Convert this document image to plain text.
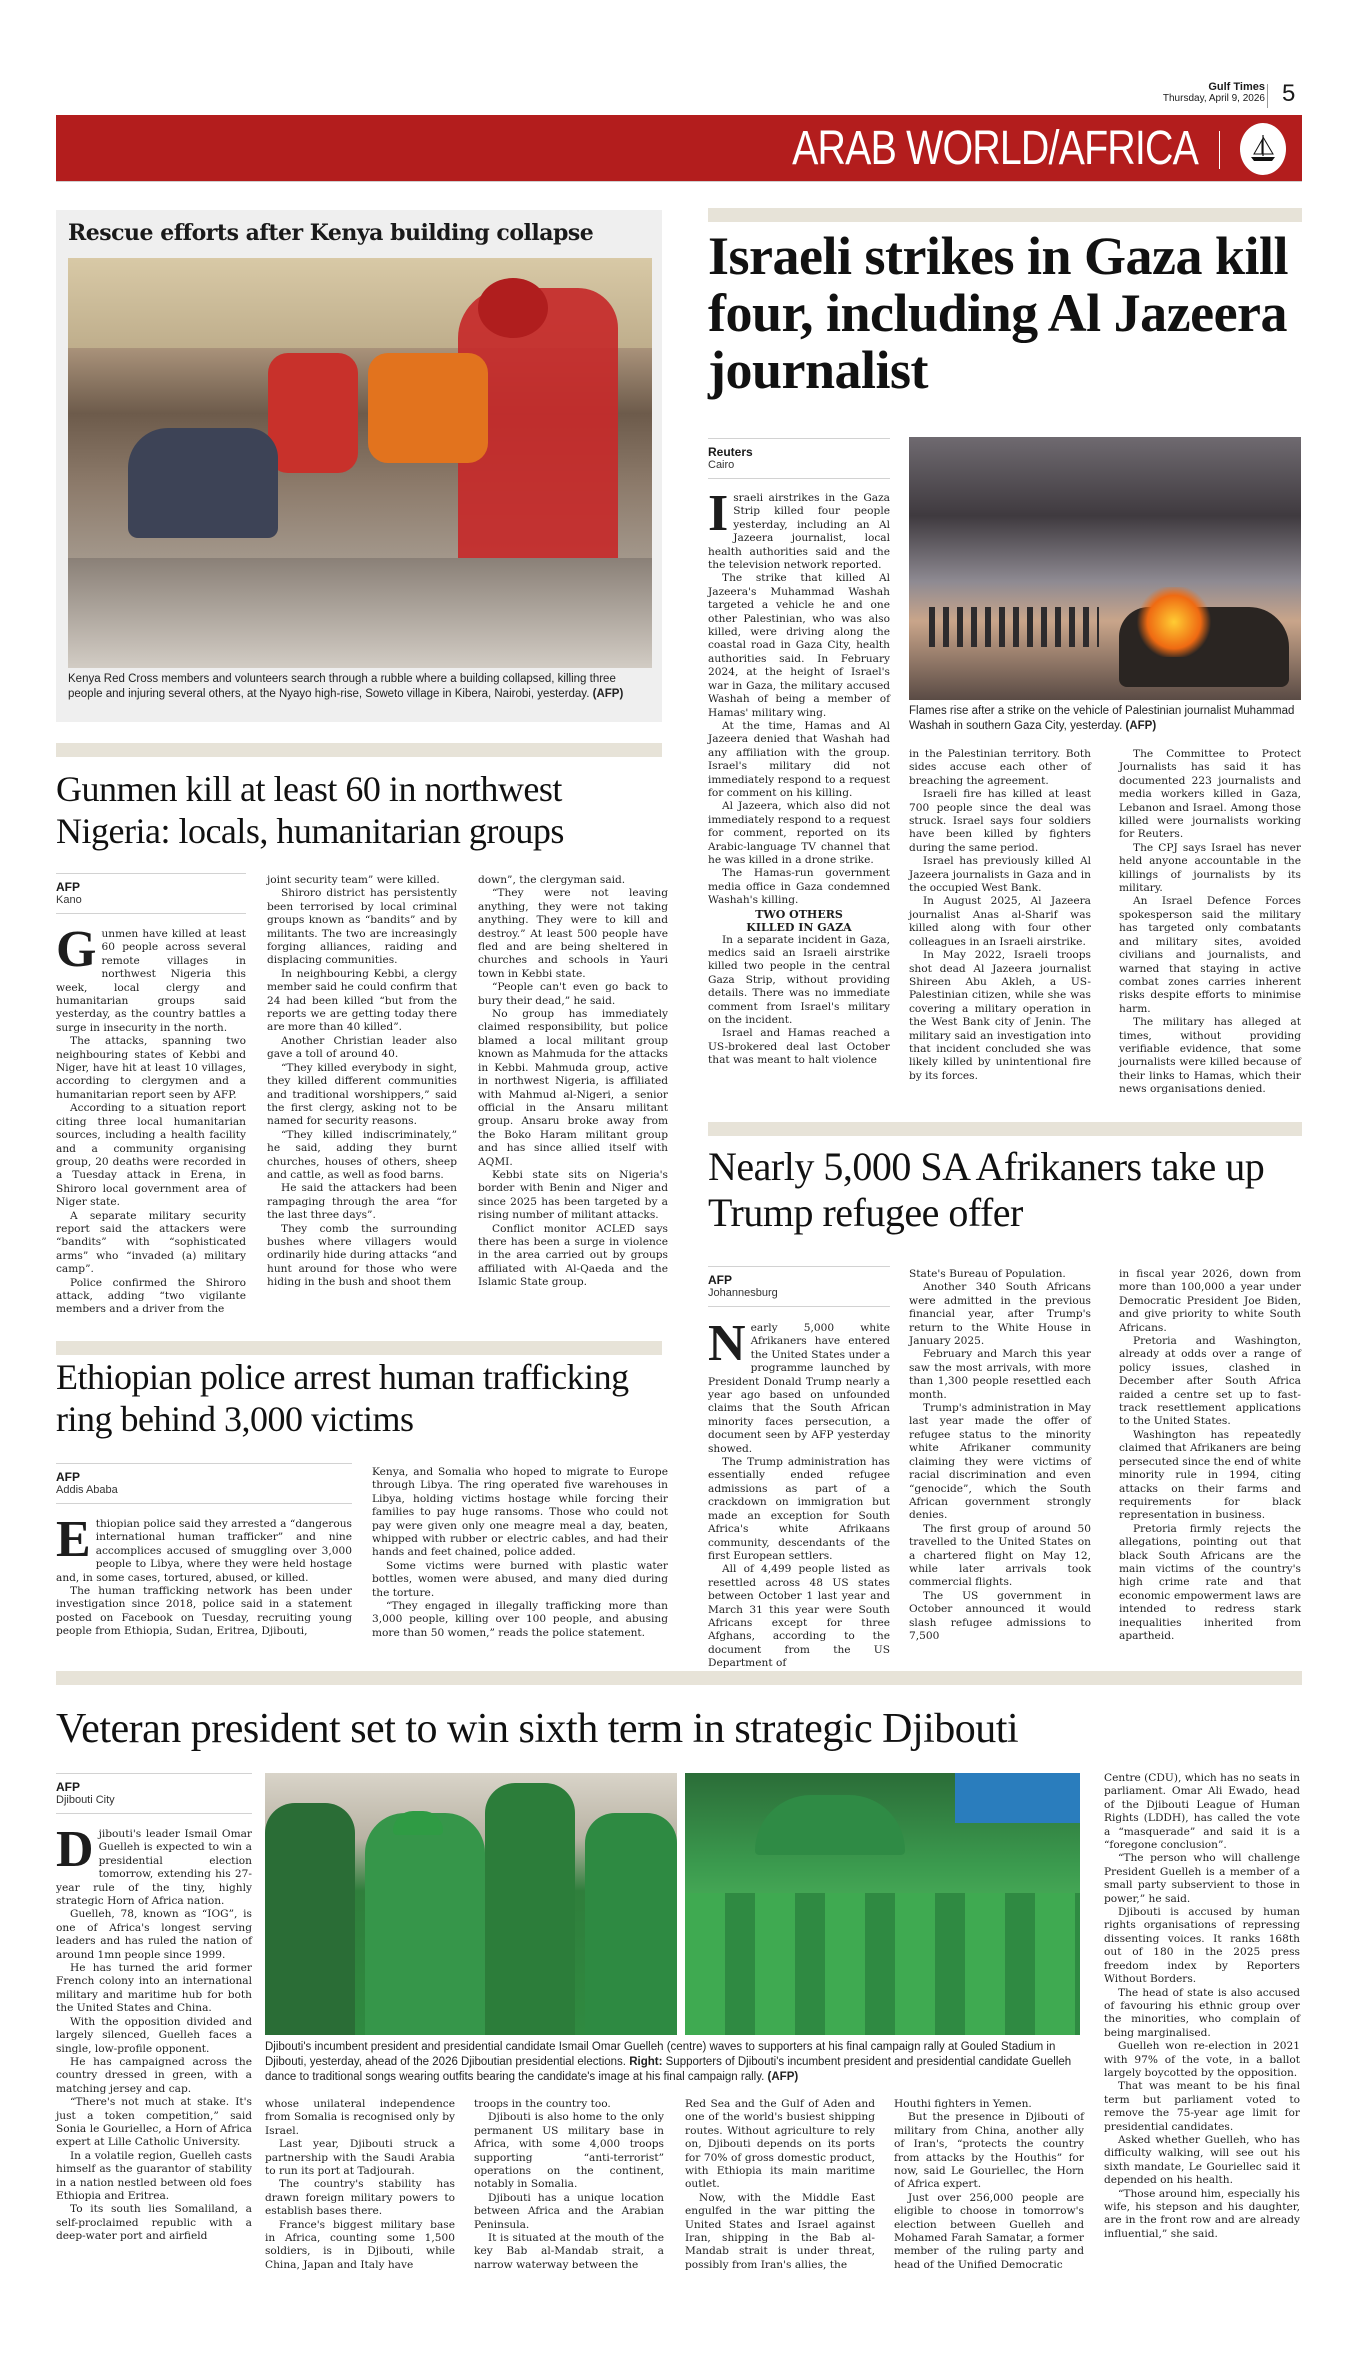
Gulf Times
Thursday, April 9, 2026 5
ARAB WORLD/AFRICA
Rescue efforts after Kenya building collapse
Kenya Red Cross members and volunteers search through a rubble where a building collapsed, killing three people and injuring several others, at the Nyayo high-rise, Soweto village in Kibera, Nairobi, yesterday. (AFP)
Israeli strikes in Gaza kill four, including Al Jazeera journalist
Reuters
Cairo

Israeli airstrikes in the Gaza Strip killed four people yesterday, including an Al Jazeera journalist, local health authorities said and the the television network reported.

The strike that killed Al Jazeera's Muhammad Washah targeted a vehicle he and one other Palestinian, who was also killed, were driving along the coastal road in Gaza City, health authorities said. In February 2024, at the height of Israel's war in Gaza, the military accused Washah of being a member of Hamas' military wing.

At the time, Hamas and Al Jazeera denied that Washah had any affiliation with the group. Israel's military did not immediately respond to a request for comment on his killing.

Al Jazeera, which also did not immediately respond to a request for comment, reported on its Arabic-language TV channel that he was killed in a drone strike.

The Hamas-run government media office in Gaza condemned Washah's killing.

TWO OTHERS KILLED IN GAZA

In a separate incident in Gaza, medics said an Israeli airstrike killed two people in the central Gaza Strip, without providing details. There was no immediate comment from Israel's military on the incident.

Israel and Hamas reached a US-brokered deal last October that was meant to halt violence

Flames rise after a strike on the vehicle of Palestinian journalist Muhammad Washah in southern Gaza City, yesterday. (AFP)

in the Palestinian territory. Both sides accuse each other of breaching the agreement.

Israeli fire has killed at least 700 people since the deal was struck. Israel says four soldiers have been killed by fighters during the same period.

Israel has previously killed Al Jazeera journalists in Gaza and in the occupied West Bank.

In August 2025, Al Jazeera journalist Anas al-Sharif was killed along with four other colleagues in an Israeli airstrike.

In May 2022, Israeli troops shot dead Al Jazeera journalist Shireen Abu Akleh, a US-Palestinian citizen, while she was covering a military operation in the West Bank city of Jenin. The military said an investigation into that incident concluded she was likely killed by unintentional fire by its forces.

The Committee to Protect Journalists has said it has documented 223 journalists and media workers killed in Gaza, Lebanon and Israel. Among those killed were journalists working for Reuters.

The CPJ says Israel has never held anyone accountable in the killings of journalists by its military.

An Israel Defence Forces spokesperson said the military has targeted only combatants and military sites, avoided civilians and journalists, and warned that staying in active combat zones carries inherent risks despite efforts to minimise harm.

The military has alleged at times, without providing verifiable evidence, that some journalists were killed because of their links to Hamas, which their news organisations denied.

Gunmen kill at least 60 in northwest Nigeria: locals, humanitarian groups
AFP
Kano

Gunmen have killed at least 60 people across several remote villages in northwest Nigeria this week, local clergy and humanitarian groups said yesterday, as the country battles a surge in insecurity in the north.

The attacks, spanning two neighbouring states of Kebbi and Niger, have hit at least 10 villages, according to clergymen and a humanitarian report seen by AFP.

According to a situation report citing three local humanitarian sources, including a health facility and a community organising group, 20 deaths were recorded in a Tuesday attack in Erena, in Shiroro local government area of Niger state.

A separate military security report said the attackers were “bandits” with “sophisticated arms” who “invaded (a) military camp”.

Police confirmed the Shiroro attack, adding “two vigilante members and a driver from the

joint security team” were killed.

Shiroro district has persistently been terrorised by local criminal groups known as “bandits” and by militants. The two are increasingly forging alliances, raiding and displacing communities.

In neighbouring Kebbi, a clergy member said he could confirm that 24 had been killed “but from the reports we are getting today there are more than 40 killed”.

Another Christian leader also gave a toll of around 40.

“They killed everybody in sight, they killed different communities and traditional worshippers,” said the first clergy, asking not to be named for security reasons.

“They killed indiscriminately,” he said, adding they burnt churches, houses of others, sheep and cattle, as well as food barns.

He said the attackers had been rampaging through the area “for the last three days”.

They comb the surrounding bushes where villagers would ordinarily hide during attacks “and hunt around for those who were hiding in the bush and shoot them

down”, the clergyman said.

“They were not leaving anything, they were not taking anything. They were to kill and destroy.” At least 500 people have fled and are being sheltered in churches and schools in Yauri town in Kebbi state.

“People can't even go back to bury their dead,” he said.

No group has immediately claimed responsibility, but police blamed a local militant group known as Mahmuda for the attacks in Kebbi. Mahmuda group, active in northwest Nigeria, is affiliated with Mahmud al-Nigeri, a senior official in the Ansaru militant group. Ansaru broke away from the Boko Haram militant group and has since allied itself with AQMI.

Kebbi state sits on Nigeria's border with Benin and Niger and since 2025 has been targeted by a rising number of militant attacks.

Conflict monitor ACLED says there has been a surge in violence in the area carried out by groups affiliated with Al-Qaeda and the Islamic State group.

Nearly 5,000 SA Afrikaners take up Trump refugee offer
AFP
Johannesburg

Nearly 5,000 white Afrikaners have entered the United States under a programme launched by President Donald Trump nearly a year ago based on unfounded claims that the South African minority faces persecution, a document seen by AFP yesterday showed.

The Trump administration has essentially ended refugee admissions as part of a crackdown on immigration but made an exception for South Africa's white Afrikaans community, descendants of the first European settlers.

All of 4,499 people listed as resettled across 48 US states between October 1 last year and March 31 this year were South Africans except for three Afghans, according to the document from the US Department of

State's Bureau of Population.

Another 340 South Africans were admitted in the previous financial year, after Trump's return to the White House in January 2025.

February and March this year saw the most arrivals, with more than 1,300 people resettled each month.

Trump's administration in May last year made the offer of refugee status to the minority white Afrikaner community claiming they were victims of racial discrimination and even “genocide”, which the South African government strongly denies.

The first group of around 50 travelled to the United States on a chartered flight on May 12, while later arrivals took commercial flights.

The US government in October announced it would slash refugee admissions to 7,500

in fiscal year 2026, down from more than 100,000 a year under Democratic President Joe Biden, and give priority to white South Africans.

Pretoria and Washington, already at odds over a range of policy issues, clashed in December after South Africa raided a centre set up to fast-track resettlement applications to the United States.

Washington has repeatedly claimed that Afrikaners are being persecuted since the end of white minority rule in 1994, citing attacks on their farms and requirements for black representation in business.

Pretoria firmly rejects the allegations, pointing out that black South Africans are the main victims of the country's high crime rate and that economic empowerment laws are intended to redress stark inequalities inherited from apartheid.

Ethiopian police arrest human trafficking ring behind 3,000 victims
AFP
Addis Ababa

Ethiopian police said they arrested a “dangerous international human trafficker” and nine accomplices accused of smuggling over 3,000 people to Libya, where they were held hostage and, in some cases, tortured, abused, or killed.

The human trafficking network has been under investigation since 2018, police said in a statement posted on Facebook on Tuesday, recruiting young people from Ethiopia, Sudan, Eritrea, Djibouti,

Kenya, and Somalia who hoped to migrate to Europe through Libya. The ring operated five warehouses in Libya, holding victims hostage while forcing their families to pay huge ransoms. Those who could not pay were given only one meagre meal a day, beaten, whipped with rubber or electric cables, and had their hands and feet chained, police added.

Some victims were burned with plastic water bottles, women were abused, and many died during the torture.

“They engaged in illegally trafficking more than 3,000 people, killing over 100 people, and abusing more than 50 women,” reads the police statement.

Veteran president set to win sixth term in strategic Djibouti
AFP
Djibouti City

Djibouti's leader Ismail Omar Guelleh is expected to win a presidential election tomorrow, extending his 27-year rule of the tiny, highly strategic Horn of Africa nation.

Guelleh, 78, known as “IOG”, is one of Africa's longest serving leaders and has ruled the nation of around 1mn people since 1999.

He has turned the arid former French colony into an international military and maritime hub for both the United States and China.

With the opposition divided and largely silenced, Guelleh faces a single, low-profile opponent.

He has campaigned across the country dressed in green, with a matching jersey and cap.

“There's not much at stake. It's just a token competition,” said Sonia le Gouriellec, a Horn of Africa expert at Lille Catholic University.

In a volatile region, Guelleh casts himself as the guarantor of stability in a nation nestled between old foes Ethiopia and Eritrea.

To its south lies Somaliland, a self-proclaimed republic with a deep-water port and airfield

Djibouti's incumbent president and presidential candidate Ismail Omar Guelleh (centre) waves to supporters at his final campaign rally at Gouled Stadium in Djibouti, yesterday, ahead of the 2026 Djiboutian presidential elections. Right: Supporters of Djibouti's incumbent president and presidential candidate Guelleh dance to traditional songs wearing outfits bearing the candidate's image at his final campaign rally. (AFP)

whose unilateral independence from Somalia is recognised only by Israel.

Last year, Djibouti struck a partnership with the Saudi Arabia to run its port at Tadjourah.

The country's stability has drawn foreign military powers to establish bases there.

France's biggest military base in Africa, counting some 1,500 soldiers, is in Djibouti, while China, Japan and Italy have

troops in the country too.

Djibouti is also home to the only permanent US military base in Africa, with some 4,000 troops supporting “anti-terrorist” operations on the continent, notably in Somalia.

Djibouti has a unique location between Africa and the Arabian Peninsula.

It is situated at the mouth of the key Bab al-Mandab strait, a narrow waterway between the

Red Sea and the Gulf of Aden and one of the world's busiest shipping routes. Without agriculture to rely on, Djibouti depends on its ports for 70% of gross domestic product, with Ethiopia its main maritime outlet.

Now, with the Middle East engulfed in the war pitting the United States and Israel against Iran, shipping in the Bab al-Mandab strait is under threat, possibly from Iran's allies, the

Houthi fighters in Yemen.

But the presence in Djibouti of military from China, another ally of Iran's, “protects the country from attacks by the Houthis” for now, said Le Gouriellec, the Horn of Africa expert.

Just over 256,000 people are eligible to choose in tomorrow's election between Guelleh and Mohamed Farah Samatar, a former member of the ruling party and head of the Unified Democratic

Centre (CDU), which has no seats in parliament. Omar Ali Ewado, head of the Djibouti League of Human Rights (LDDH), has called the vote a “masquerade” and said it is a “foregone conclusion”.

“The person who will challenge President Guelleh is a member of a small party subservient to those in power,” he said.

Djibouti is accused by human rights organisations of repressing dissenting voices. It ranks 168th out of 180 in the 2025 press freedom index by Reporters Without Borders.

The head of state is also accused of favouring his ethnic group over the minorities, who complain of being marginalised.

Guelleh won re-election in 2021 with 97% of the vote, in a ballot largely boycotted by the opposition.

That was meant to be his final term but parliament voted to remove the 75-year age limit for presidential candidates.

Asked whether Guelleh, who has difficulty walking, will see out his sixth mandate, Le Gouriellec said it depended on his health.

“Those around him, especially his wife, his stepson and his daughter, are in the front row and are already influential,” she said.
